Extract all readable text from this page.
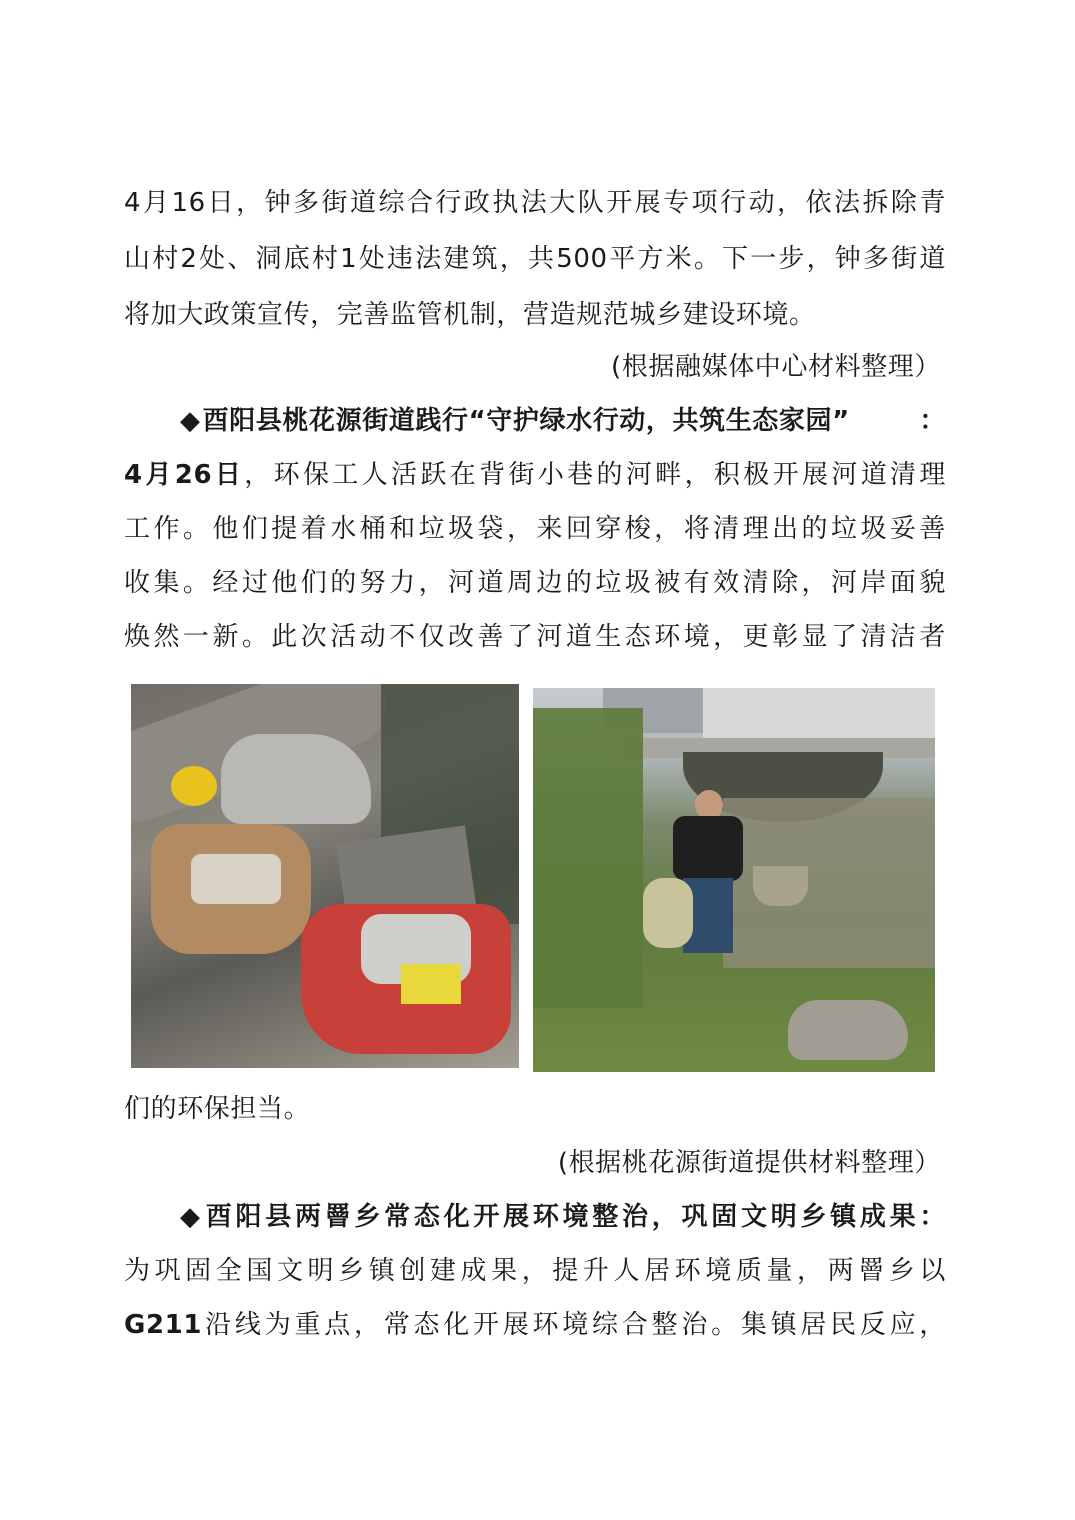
4月16日，钟多街道综合行政执法大队开展专项行动，依法拆除青
山村2处、洞底村1处违法建筑，共500平方米。下一步，钟多街道
将加大政策宣传，完善监管机制，营造规范城乡建设环境。
(根据融媒体中心材料整理）
◆酉阳县桃花源街道践行“守护绿水行动，共筑生态家园”	：
4月26日，环保工人活跃在背街小巷的河畔，积极开展河道清理
工作。他们提着水桶和垃圾袋，来回穿梭，将清理出的垃圾妥善
收集。经过他们的努力，河道周边的垃圾被有效清除，河岸面貌
焕然一新。此次活动不仅改善了河道生态环境，更彰显了清洁者
们的环保担当。
(根据桃花源街道提供材料整理）
◆酉阳县两罾乡常态化开展环境整治，巩固文明乡镇成果：
为巩固全国文明乡镇创建成果，提升人居环境质量，两罾乡以
G211沿线为重点，常态化开展环境综合整治。集镇居民反应，
